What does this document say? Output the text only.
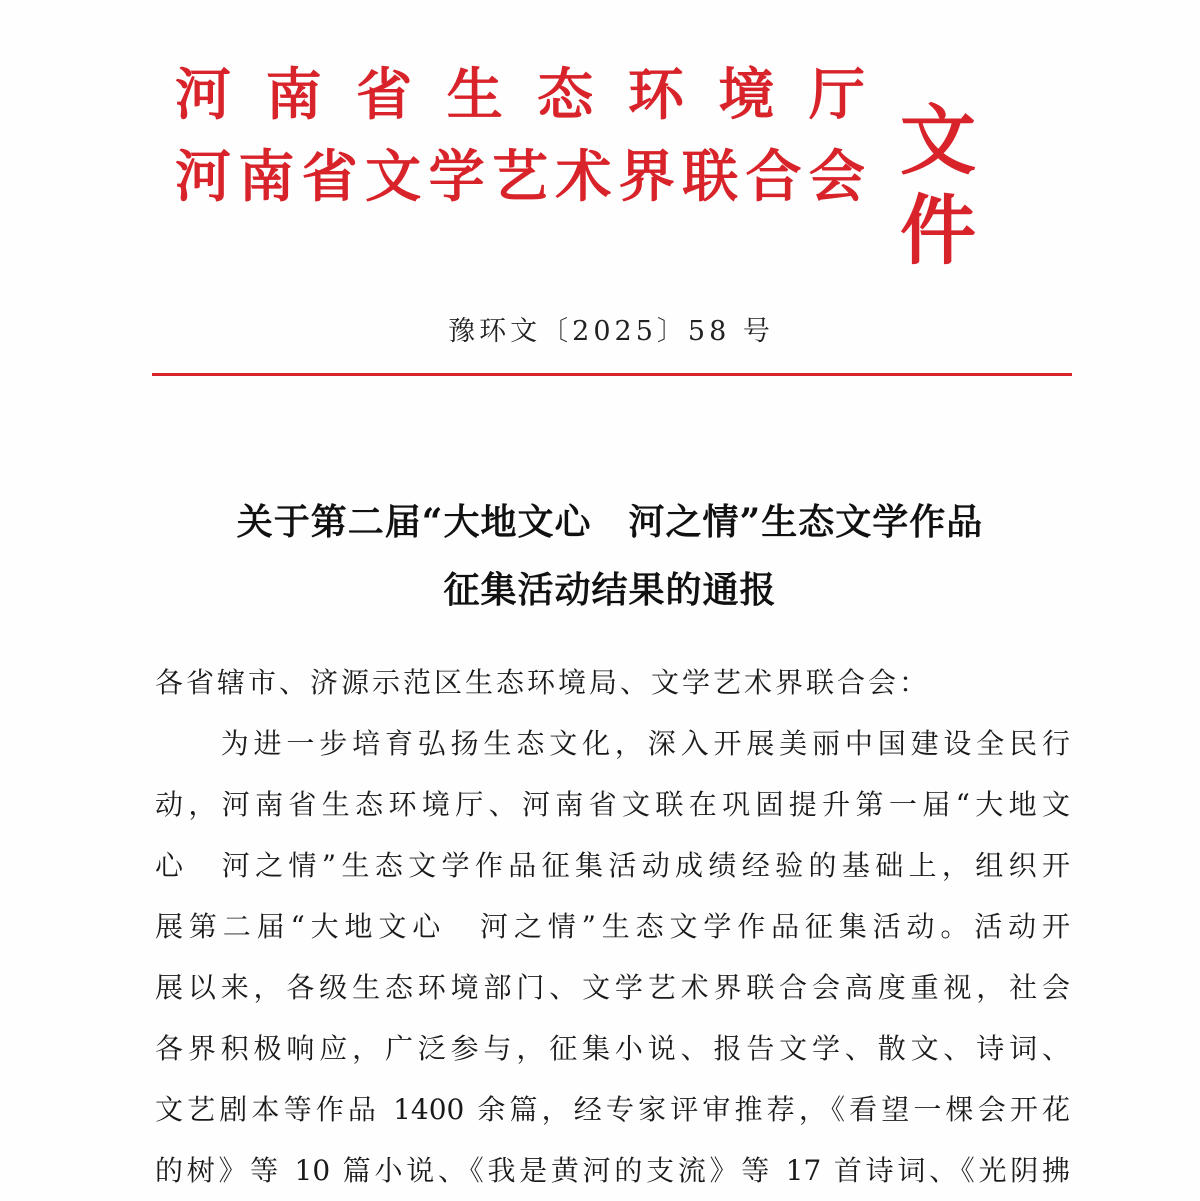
河 南 省 生 态 环 境 厅
河 南 省 文 学 艺 术 界 联 合 会 文件
豫环文〔2025〕58 号
关于第二届“大地文心　河之情”生态文学作品
征集活动结果的通报
各省辖市、济源示范区生态环境局、文学艺术界联合会：
　　为进一步培育弘扬生态文化，深入开展美丽中国建设全民行
动，河南省生态环境厅、河南省文联在巩固提升第一届“大地文
心　河之情”生态文学作品征集活动成绩经验的基础上，组织开
展第二届“大地文心　河之情”生态文学作品征集活动。活动开
展以来，各级生态环境部门、文学艺术界联合会高度重视，社会
各界积极响应，广泛参与，征集小说、报告文学、散文、诗词、
文艺剧本等作品 1400 余篇，经专家评审推荐，《看望一棵会开花
的树》等 10 篇小说、《我是黄河的支流》等 17 首诗词、《光阴拂
